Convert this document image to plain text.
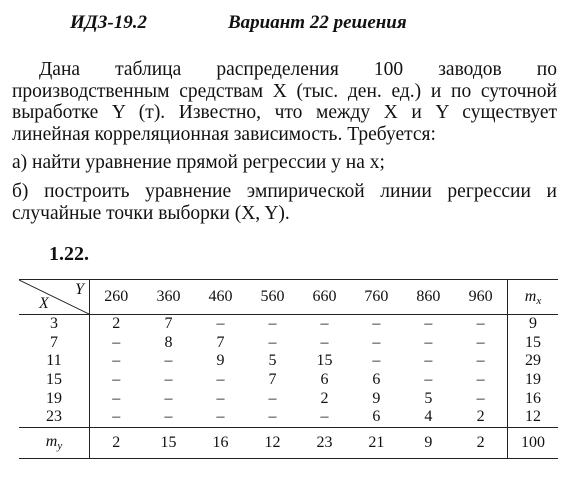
ИДЗ-19.2	Вариант 22 решения
Дана таблица распределения 100 заводов по производственным средствам X (тыс. ден. ед.) и по суточной выработке Y (т). Известно, что между X и Y существует линейная корреляционная зависимость. Требуется:
а) найти уравнение прямой регрессии y на x;
б) построить уравнение эмпирической линии регрессии и случайные точки выборки (X, Y).
1.22.
Y
X	260	360	460	560	660	760	860	960	$m_x$
3	2	7	–	–	–	–	–	–	9
7	–	8	7	–	–	–	–	–	15
11	–	–	9	5	15	–	–	–	29
15	–	–	–	7	6	6	–	–	19
19	–	–	–	–	2	9	5	–	16
23	–	–	–	–	–	6	4	2	12
$m_y$	2	15	16	12	23	21	9	2	100
